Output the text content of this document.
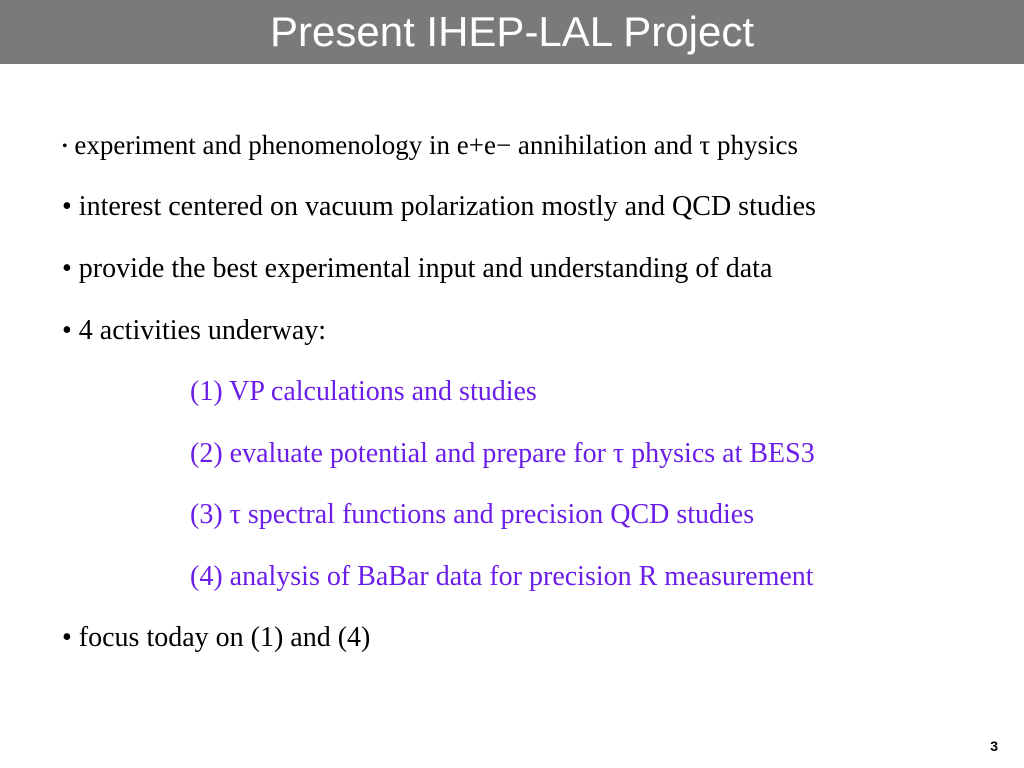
Present IHEP-LAL Project
• experiment and phenomenology in e+e− annihilation and τ physics
• interest centered on vacuum polarization mostly and QCD studies
• provide the best experimental input and understanding of data
• 4 activities underway:
(1) VP calculations and studies
(2) evaluate potential and prepare for τ physics at BES3
(3) τ spectral functions and precision QCD studies
(4) analysis of BaBar data for precision R measurement
• focus today on (1) and (4)
3
